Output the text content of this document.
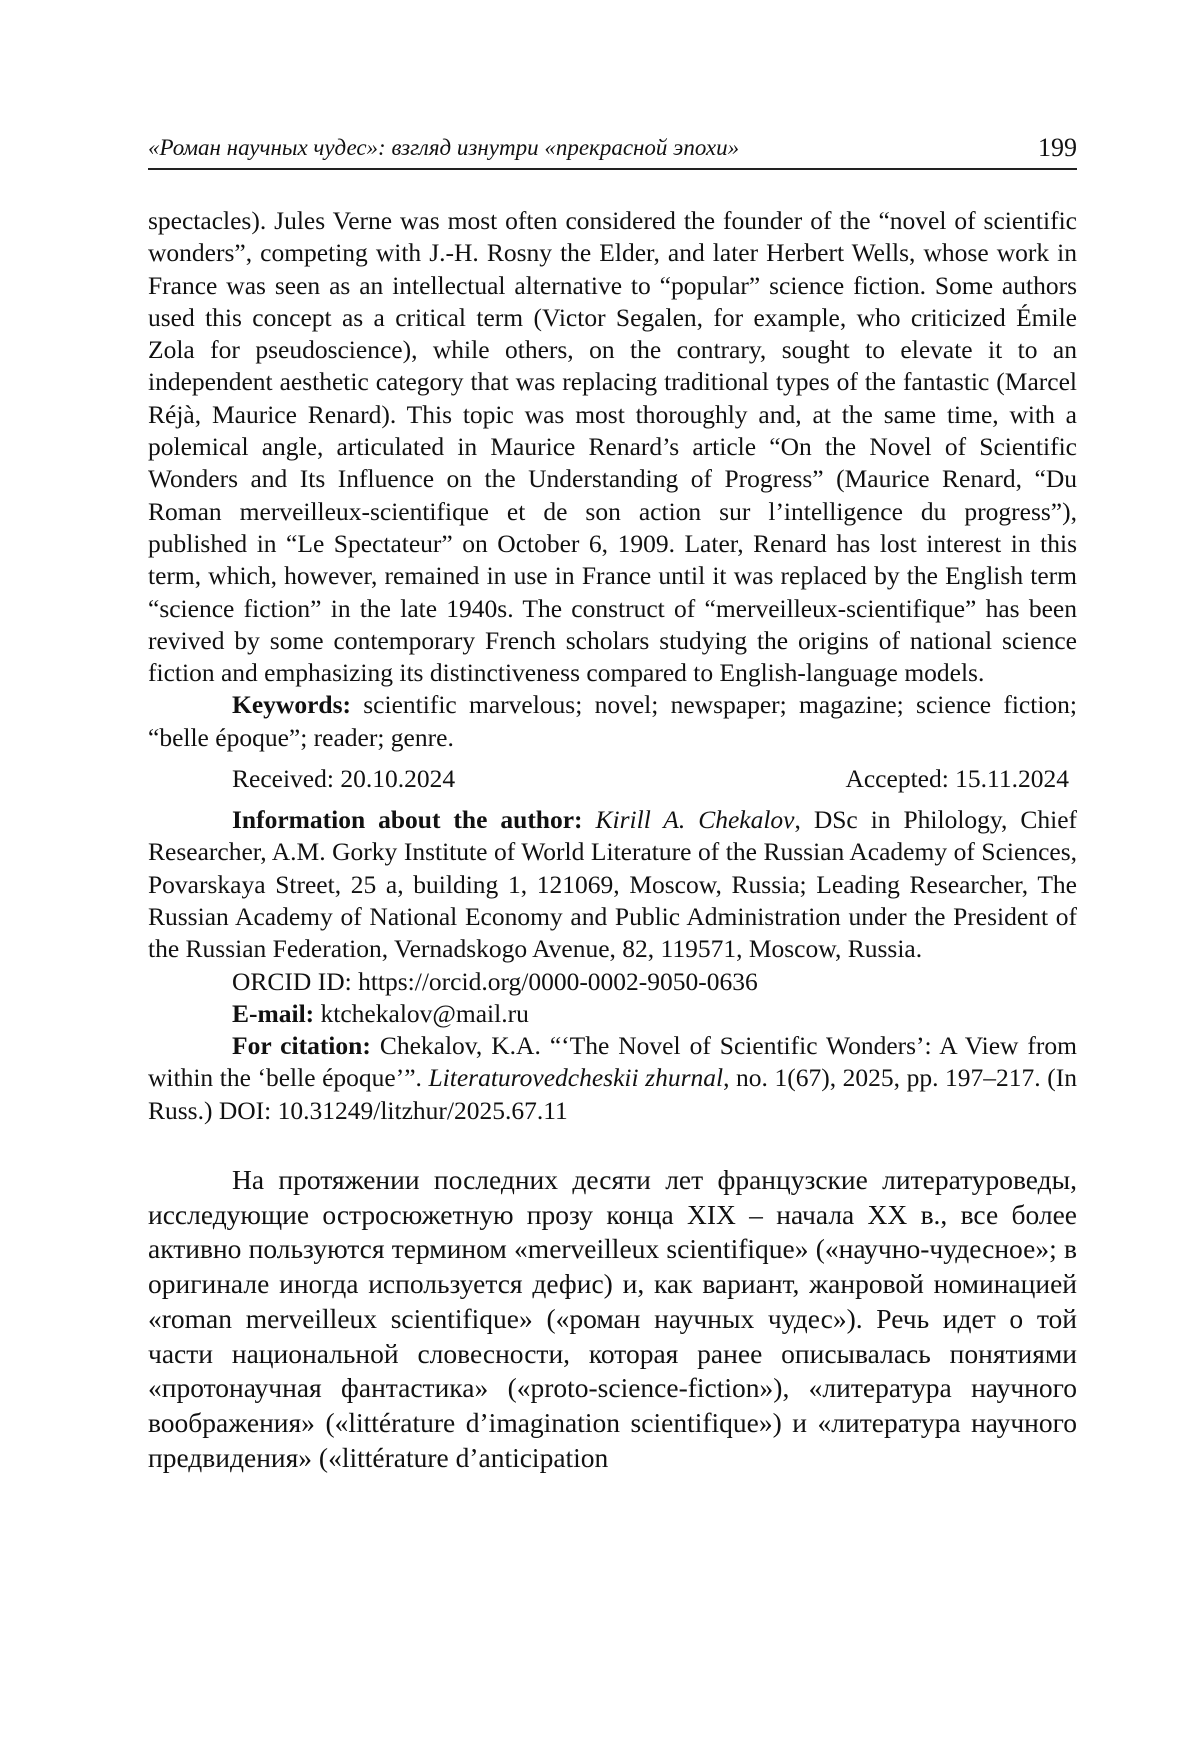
«Роман научных чудес»: взгляд изнутри «прекрасной эпохи»	199

spectacles). Jules Verne was most often considered the founder of the “novel of scientific wonders”, competing with J.-H. Rosny the Elder, and later Herbert Wells, whose work in France was seen as an intellectual alternative to “popular” science fiction. Some authors used this concept as a critical term (Victor Segalen, for example, who criticized Émile Zola for pseudoscience), while others, on the contrary, sought to elevate it to an independent aesthetic category that was replacing traditional types of the fantastic (Marcel Réjà, Maurice Renard). This topic was most thoroughly and, at the same time, with a polemical angle, articulated in Maurice Renard’s article “On the Novel of Scientific Wonders and Its Influence on the Understanding of Progress” (Maurice Renard, “Du Roman merveilleux-scientifique et de son action sur l’intelligence du progress”), published in “Le Spectateur” on October 6, 1909. Later, Renard has lost interest in this term, which, however, remained in use in France until it was replaced by the English term “science fiction” in the late 1940s. The construct of “merveilleux-scientifique” has been revived by some contemporary French scholars studying the origins of national science fiction and emphasizing its distinctiveness compared to English-language models.

Keywords: scientific marvelous; novel; newspaper; magazine; science fiction; “belle époque”; reader; genre.

Received: 20.10.2024	Accepted: 15.11.2024

Information about the author: Kirill A. Chekalov, DSc in Philology, Chief Researcher, A.M. Gorky Institute of World Literature of the Russian Academy of Sciences, Povarskaya Street, 25 a, building 1, 121069, Moscow, Russia; Leading Researcher, The Russian Academy of National Economy and Public Administration under the President of the Russian Federation, Vernadskogo Avenue, 82, 119571, Moscow, Russia.

ORCID ID: https://orcid.org/0000-0002-9050-0636

E-mail: ktchekalov@mail.ru

For citation: Chekalov, K.A. “‘The Novel of Scientific Wonders’: A View from within the ‘belle époque’”. Literaturovedcheskii zhurnal, no. 1(67), 2025, pp. 197–217. (In Russ.) DOI: 10.31249/litzhur/2025.67.11

На протяжении последних десяти лет французские литературоведы, исследующие остросюжетную прозу конца XIX – начала XX в., все более активно пользуются термином «merveilleux scientifique» («научно-чудесное»; в оригинале иногда используется дефис) и, как вариант, жанровой номинацией «roman merveilleux scientifique» («роман научных чудес»). Речь идет о той части национальной словесности, которая ранее описывалась понятиями «протонаучная фантастика» («proto-science-fiction»), «литература научного воображения» («littérature d’imagination scientifique») и «литература научного предвидения» («littérature d’anticipation
